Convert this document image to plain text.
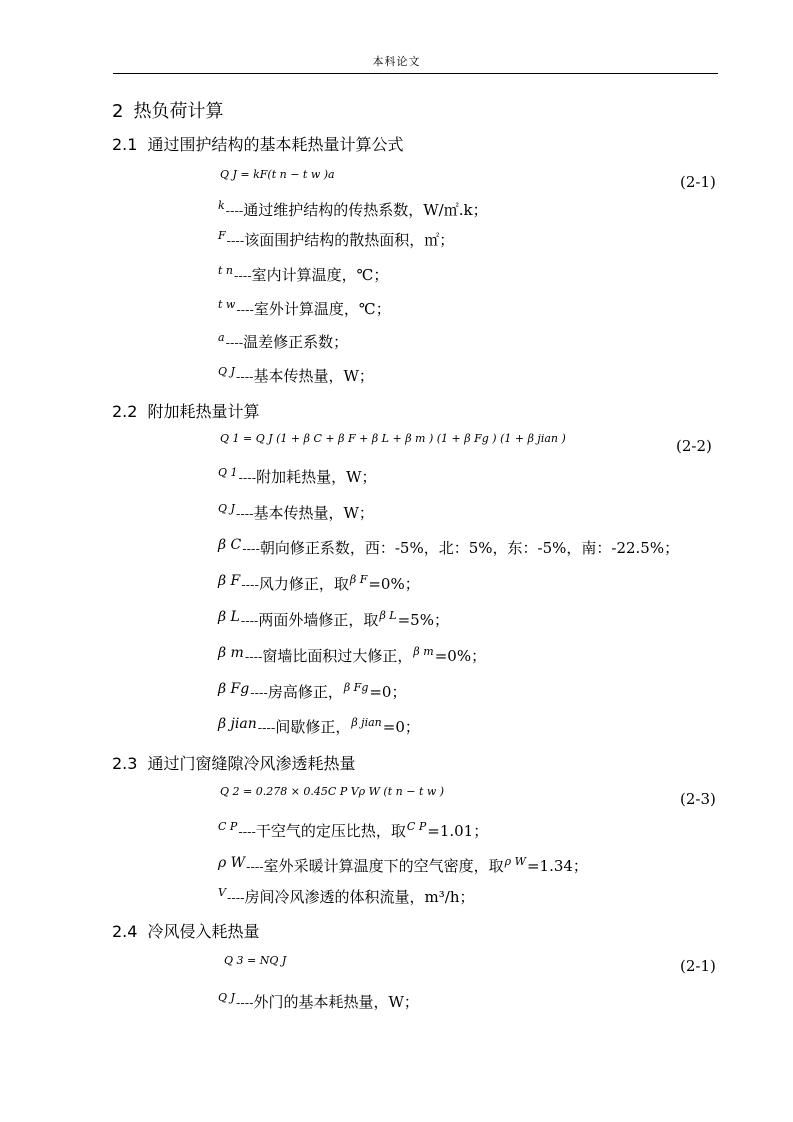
本科论文
2 热负荷计算
2.1 通过围护结构的基本耗热量计算公式
Q J = kF(t n − t w )a	(2-1)
k----通过维护结构的传热系数，W/㎡.k；
F----该面围护结构的散热面积，㎡；
t n----室内计算温度，℃；
t w----室外计算温度，℃；
a----温差修正系数；
Q J----基本传热量，W；
2.2 附加耗热量计算
Q 1 = Q J (1 + β C + β F + β L + β m ) (1 + β Fg ) (1 + β jian )	(2-2)
Q 1----附加耗热量，W；
Q J----基本传热量，W；
β C----朝向修正系数，西：-5%，北：5%，东：-5%，南：-22.5%；
β F----风力修正，取β F=0%；
β L----两面外墙修正，取β L=5%；
β m----窗墙比面积过大修正，β m=0%；
β Fg----房高修正，β Fg=0；
β jian----间歇修正，β jian=0；
2.3 通过门窗缝隙冷风渗透耗热量
Q 2 = 0.278 × 0.45C P Vρ W (t n − t w )	(2-3)
C P----干空气的定压比热，取C P=1.01；
ρ W----室外采暖计算温度下的空气密度，取ρ W=1.34；
V----房间冷风渗透的体积流量，m³/h；
2.4 冷风侵入耗热量
Q 3 = NQ J	(2-1)
Q J----外门的基本耗热量，W；
